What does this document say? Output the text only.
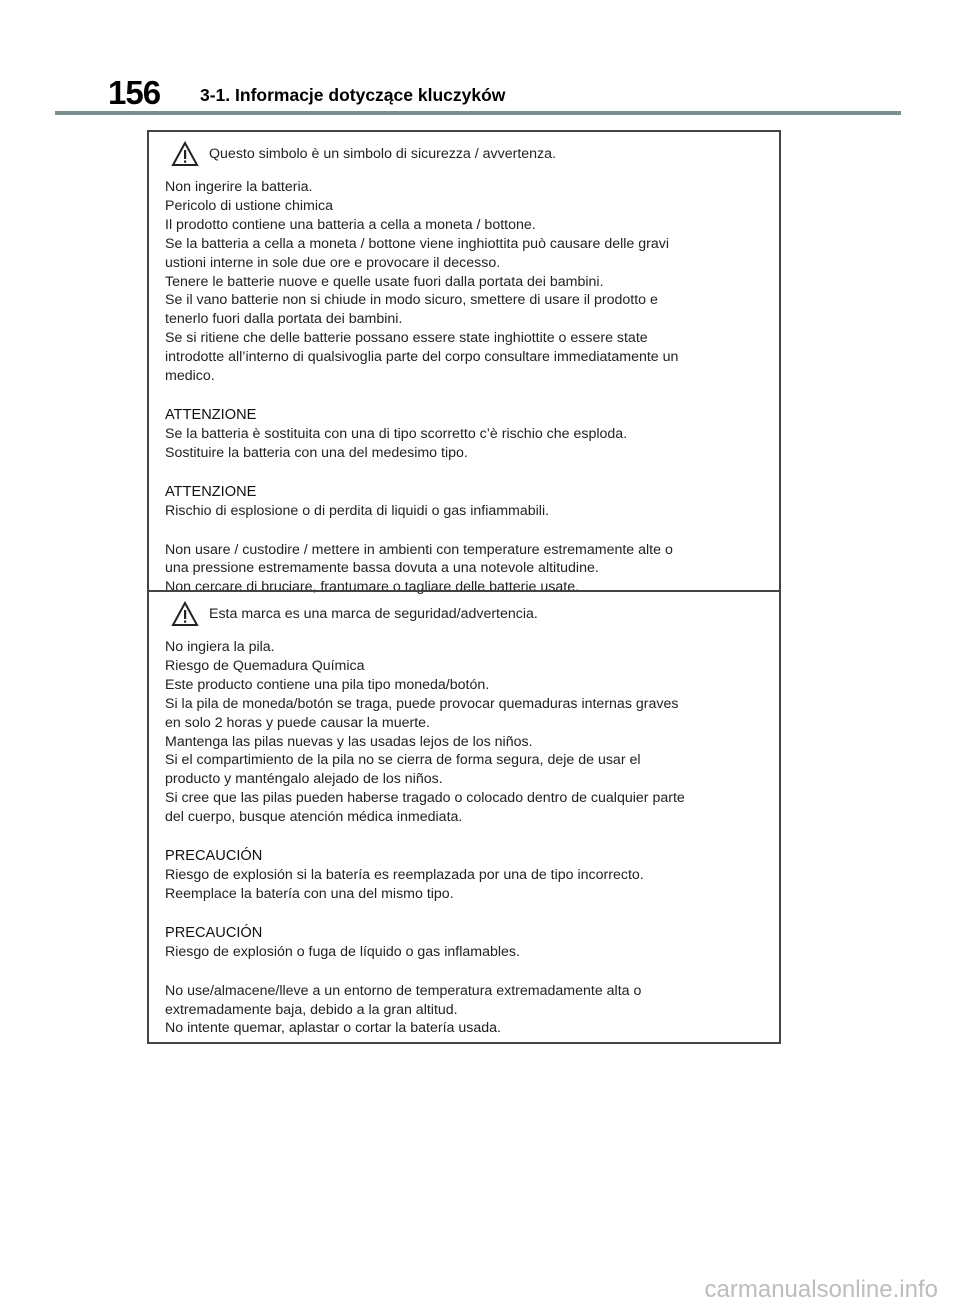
156 3-1. Informacje dotyczące kluczyków
Questo simbolo è un simbolo di sicurezza / avvertenza.
Non ingerire la batteria.
Pericolo di ustione chimica
Il prodotto contiene una batteria a cella a moneta / bottone.
Se la batteria a cella a moneta / bottone viene inghiottita può causare delle gravi
ustioni interne in sole due ore e provocare il decesso.
Tenere le batterie nuove e quelle usate fuori dalla portata dei bambini.
Se il vano batterie non si chiude in modo sicuro, smettere di usare il prodotto e
tenerlo fuori dalla portata dei bambini.
Se si ritiene che delle batterie possano essere state inghiottite o essere state
introdotte all’interno di qualsivoglia parte del corpo consultare immediatamente un
medico.
ATTENZIONE
Se la batteria è sostituita con una di tipo scorretto c’è rischio che esploda.
Sostituire la batteria con una del medesimo tipo.
ATTENZIONE
Rischio di esplosione o di perdita di liquidi o gas infiammabili.
Non usare / custodire / mettere in ambienti con temperature estremamente alte o
una pressione estremamente bassa dovuta a una notevole altitudine.
Non cercare di bruciare, frantumare o tagliare delle batterie usate.
Esta marca es una marca de seguridad/advertencia.
No ingiera la pila.
Riesgo de Quemadura Química
Este producto contiene una pila tipo moneda/botón.
Si la pila de moneda/botón se traga, puede provocar quemaduras internas graves
en solo 2 horas y puede causar la muerte.
Mantenga las pilas nuevas y las usadas lejos de los niños.
Si el compartimiento de la pila no se cierra de forma segura, deje de usar el
producto y manténgalo alejado de los niños.
Si cree que las pilas pueden haberse tragado o colocado dentro de cualquier parte
del cuerpo, busque atención médica inmediata.
PRECAUCIÓN
Riesgo de explosión si la batería es reemplazada por una de tipo incorrecto.
Reemplace la batería con una del mismo tipo.
PRECAUCIÓN
Riesgo de explosión o fuga de líquido o gas inflamables.
No use/almacene/lleve a un entorno de temperatura extremadamente alta o
extremadamente baja, debido a la gran altitud.
No intente quemar, aplastar o cortar la batería usada.
carmanualsonline.info
